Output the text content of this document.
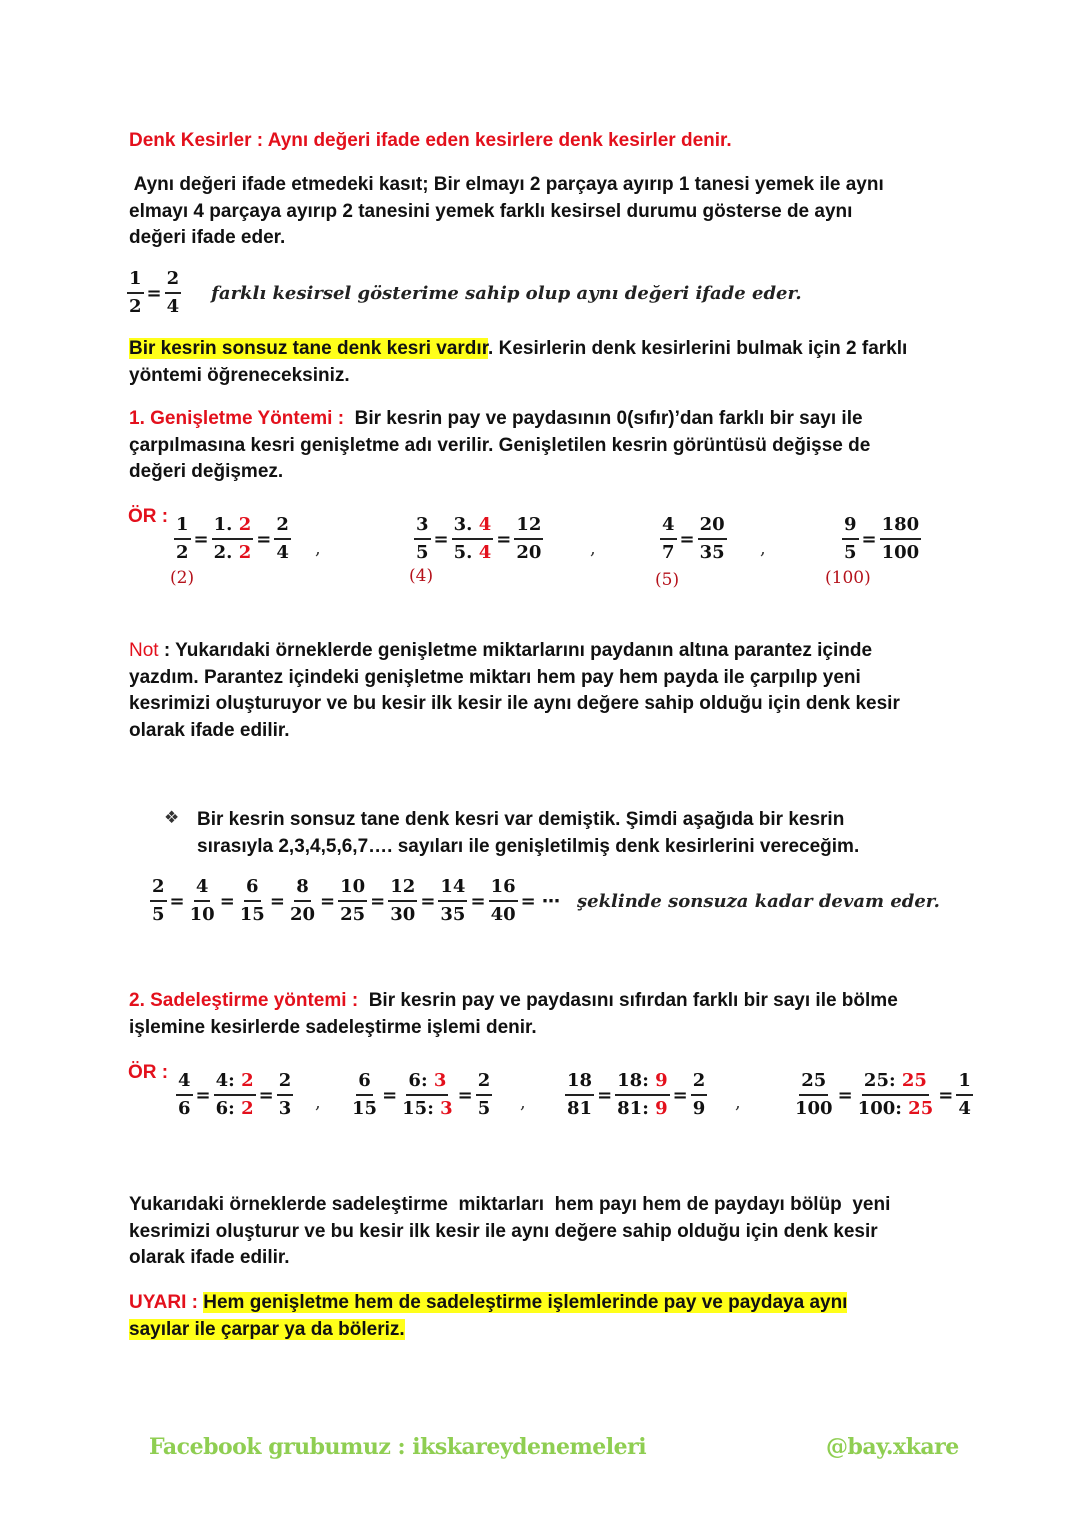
Denk Kesirler : Aynı değeri ifade eden kesirlere denk kesirler denir.
Aynı değeri ifade etmedeki kasıt; Bir elmayı 2 parçaya ayırıp 1 tanesi yemek ile aynı
elmayı 4 parçaya ayırıp 2 tanesini yemek farklı kesirsel durumu gösterse de aynı
değeri ifade eder.
$\frac{1}{2} = \frac{2}{4}$ farklı kesirsel gösterime sahip olup aynı değeri ifade eder.
Bir kesrin sonsuz tane denk kesri vardır. Kesirlerin denk kesirlerini bulmak için 2 farklı
yöntemi öğreneceksiniz.
1. Genişletme Yöntemi :  Bir kesrin pay ve paydasının 0(sıfır)’dan farklı bir sayı ile
çarpılmasına kesri genişletme adı verilir. Genişletilen kesrin görüntüsü değişse de
değeri değişmez.
ÖR : $\frac{1}{2} = \frac{1. 2}{2. 2} = \frac{2}{4}$
(2)
,	$\frac{3}{5} = \frac{3. 4}{5. 4} = \frac{12}{20}$
(4)
,	$\frac{4}{7} = \frac{20}{35}$
(5)
,	$\frac{9}{5} = \frac{180}{100}$
(100)
Not : Yukarıdaki örneklerde genişletme miktarlarını paydanın altına parantez içinde
yazdım. Parantez içindeki genişletme miktarı hem pay hem payda ile çarpılıp yeni
kesrimizi oluşturuyor ve bu kesir ilk kesir ile aynı değere sahip olduğu için denk kesir
olarak ifade edilir.
❖ Bir kesrin sonsuz tane denk kesri var demiştik. Şimdi aşağıda bir kesrin
sırasıyla 2,3,4,5,6,7…. sayıları ile genişletilmiş denk kesirlerini vereceğim.
$\frac{2}{5} = \frac{4}{10} = \frac{6}{15} = \frac{8}{20} = \frac{10}{25} = \frac{12}{30} = \frac{14}{35} = \frac{16}{40}$ = ⋯ şeklinde sonsuza kadar devam eder.
2. Sadeleştirme yöntemi :  Bir kesrin pay ve paydasını sıfırdan farklı bir sayı ile bölme
işlemine kesirlerde sadeleştirme işlemi denir.
ÖR : $\frac{4}{6} = \frac{4: 2}{6: 2} = \frac{2}{3}$ , $\frac{6}{15} = \frac{6: 3}{15: 3} = \frac{2}{5}$ , $\frac{18}{81} = \frac{18: 9}{81: 9} = \frac{2}{9}$ ,	$\frac{25}{100} = \frac{25: 25}{100: 25} = \frac{1}{4}$
Yukarıdaki örneklerde sadeleştirme  miktarları  hem payı hem de paydayı bölüp  yeni
kesrimizi oluşturur ve bu kesir ilk kesir ile aynı değere sahip olduğu için denk kesir
olarak ifade edilir.
UYARI : Hem genişletme hem de sadeleştirme işlemlerinde pay ve paydaya aynı
sayılar ile çarpar ya da böleriz.
Facebook grubumuz : ikskareydenemeleri	@bay.xkare
